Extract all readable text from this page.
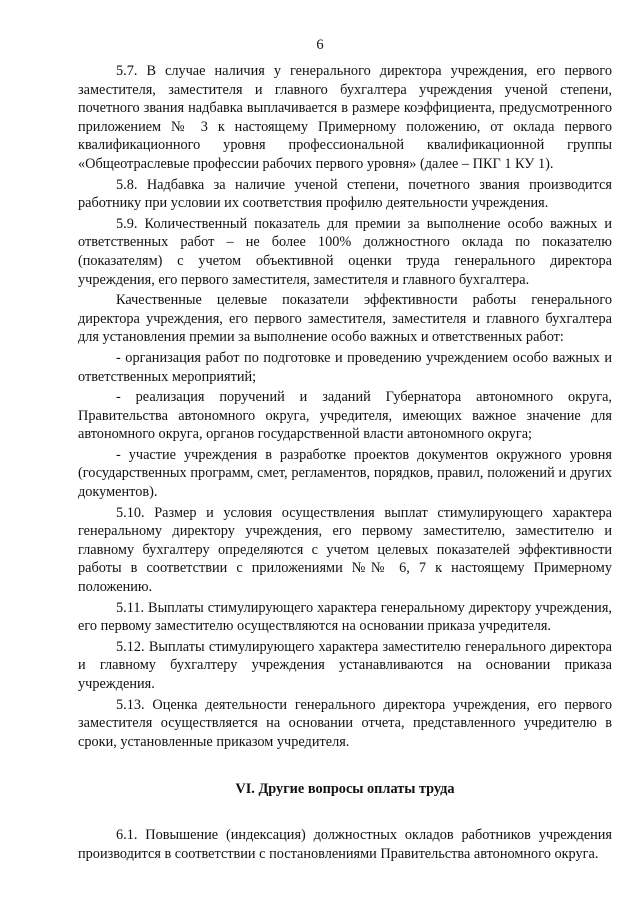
6

5.7. В случае наличия у генерального директора учреждения, его первого заместителя, заместителя и главного бухгалтера учреждения ученой степени, почетного звания надбавка выплачивается в размере коэффициента, предусмотренного приложением № 3 к настоящему Примерному положению, от оклада первого квалификационного уровня профессиональной квалификационной группы «Общеотраслевые профессии рабочих первого уровня» (далее – ПКГ 1 КУ 1).

5.8. Надбавка за наличие ученой степени, почетного звания производится работнику при условии их соответствия профилю деятельности учреждения.

5.9. Количественный показатель для премии за выполнение особо важных и ответственных работ – не более 100% должностного оклада по показателю (показателям) с учетом объективной оценки труда генерального директора учреждения, его первого заместителя, заместителя и главного бухгалтера.

Качественные целевые показатели эффективности работы генерального директора учреждения, его первого заместителя, заместителя и главного бухгалтера для установления премии за выполнение особо важных и ответственных работ:

- организация работ по подготовке и проведению учреждением особо важных и ответственных мероприятий;

- реализация поручений и заданий Губернатора автономного округа, Правительства автономного округа, учредителя, имеющих важное значение для автономного округа, органов государственной власти автономного округа;

- участие учреждения в разработке проектов документов окружного уровня (государственных программ, смет, регламентов, порядков, правил, положений и других документов).

5.10. Размер и условия осуществления выплат стимулирующего характера генеральному директору учреждения, его первому заместителю, заместителю и главному бухгалтеру определяются с учетом целевых показателей эффективности работы в соответствии с приложениями №№ 6, 7 к настоящему Примерному положению.

5.11. Выплаты стимулирующего характера генеральному директору учреждения, его первому заместителю осуществляются на основании приказа учредителя.

5.12. Выплаты стимулирующего характера заместителю генерального директора и главному бухгалтеру учреждения устанавливаются на основании приказа учреждения.

5.13. Оценка деятельности генерального директора учреждения, его первого заместителя осуществляется на основании отчета, представленного учредителю в сроки, установленные приказом учредителя.

VI. Другие вопросы оплаты труда

6.1. Повышение (индексация) должностных окладов работников учреждения производится в соответствии с постановлениями Правительства автономного округа.
